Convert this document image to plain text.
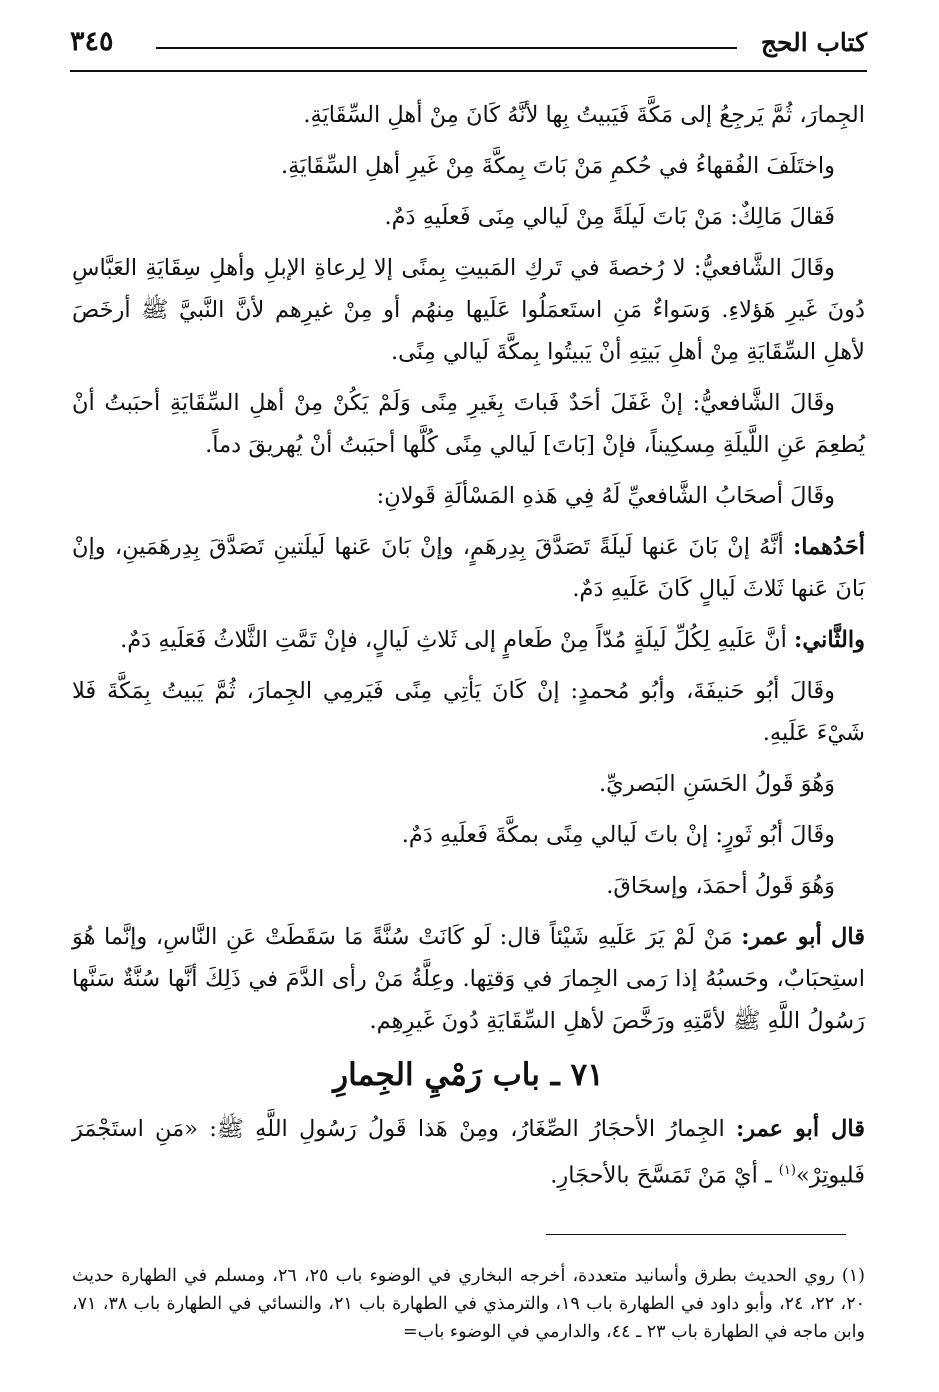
كتاب الحج
٣٤٥

الجِمارَ، ثُمَّ يَرجِعُ إلى مَكَّةَ فَيَبيتُ بِها لأنَّهُ كَانَ مِنْ أهلِ السِّقَايَةِ.

واختَلَفَ الفُقهاءُ في حُكمِ مَنْ بَاتَ بِمكَّةَ مِنْ غَيرِ أهلِ السِّقَايَةِ.

فَقالَ مَالِكٌ: مَنْ بَاتَ لَيلَةً مِنْ لَيالي مِنَى فَعلَيهِ دَمٌ.

وقَالَ الشَّافعيُّ: لا رُخصةَ في تَركِ المَبيتِ بِمنًى إلا لِرعاةِ الإبلِ وأهلِ سِقَايَةِ العَبَّاسِ دُونَ غَيرِ هَؤلاءِ. وَسَواءٌ مَنِ استَعمَلُوا عَلَيها مِنهُم أو مِنْ غيرِهم لأنَّ النَّبيَّ ﷺ أرخَصَ لأهلِ السِّقَايَةِ مِنْ أهلِ بَيتِهِ أنْ يَبيتُوا بِمكَّةَ لَيالي مِنًى.

وقَالَ الشَّافعيُّ: إنْ غَفَلَ أحَدٌ فَباتَ بِغَيرِ مِنًى وَلَمْ يَكُنْ مِنْ أهلِ السِّقَايَةِ أحبَبتُ أنْ يُطعِمَ عَنِ اللَّيلَةِ مِسكِيناً، فإنْ [بَاتَ] لَيالي مِنًى كُلَّها أحبَبتُ أنْ يُهريقَ دماً.

وقَالَ أصحَابُ الشَّافعيِّ لَهُ فِي هَذهِ المَسْألَةِ قَولانِ:

أحَدُهما: أنَّهُ إنْ بَانَ عَنها لَيلَةً تَصَدَّقَ بِدِرهَمٍ، وإنْ بَانَ عَنها لَيلَتينِ تَصَدَّقَ بِدِرهَمَينِ، وإنْ بَانَ عَنها ثَلاثَ لَيالٍ كَانَ عَلَيهِ دَمٌ.

والثَّاني: أنَّ عَلَيهِ لِكُلِّ لَيلَةٍ مُدّاً مِنْ طَعامٍ إلى ثَلاثِ لَيالٍ، فإنْ تَمَّتِ الثَّلاثُ فَعَلَيهِ دَمٌ.

وقَالَ أبُو حَنيفَةَ، وأبُو مُحمدٍ: إنْ كَانَ يَأتِي مِنًى فَيَرمِي الجِمارَ، ثُمَّ يَبيتُ بِمَكَّةَ فَلا شَيْءَ عَلَيهِ.

وَهُوَ قَولُ الحَسَنِ البَصريِّ.

وقَالَ أبُو ثَورٍ: إنْ باتَ لَيالي مِنًى بمكَّةَ فَعلَيهِ دَمٌ.

وَهُوَ قَولُ أحمَدَ، وإسحَاقَ.

قال أبو عمر: مَنْ لَمْ يَرَ عَلَيهِ شَيْئاً قال: لَو كَانَتْ سُنَّةً مَا سَقَطَتْ عَنِ النَّاسِ، وإنَّما هُوَ استِحبَابٌ، وحَسبُهُ إذا رَمى الجِمارَ في وَقتِها. وعِلَّةُ مَنْ رأى الدَّمَ في ذَلِكَ أنَّها سُنَّةٌ سَنَّها رَسُولُ اللَّهِ ﷺ لأمَّتِهِ ورَخَّصَ لأهلِ السِّقَايَةِ دُونَ غَيرِهِم.

٧١ ـ باب رَمْيِ الجِمارِ

قال أبو عمر: الجِمارُ الأحجَارُ الصِّغَارُ، ومِنْ هَذا قَولُ رَسُولِ اللَّهِ ﷺ: «مَنِ استَجْمَرَ فَليوتِرْ»$^{(١)}$ ـ أيْ مَنْ تَمَسَّحَ بالأحجَارِ.

(١) روي الحديث بطرق وأسانيد متعددة، أخرجه البخاري في الوضوء باب ٢٥، ٢٦، ومسلم في الطهارة حديث ٢٠، ٢٢، ٢٤، وأبو داود في الطهارة باب ١٩، والترمذي في الطهارة باب ٢١، والنسائي في الطهارة باب ٣٨، ٧١، وابن ماجه في الطهارة باب ٢٣ ـ ٤٤، والدارمي في الوضوء باب=
